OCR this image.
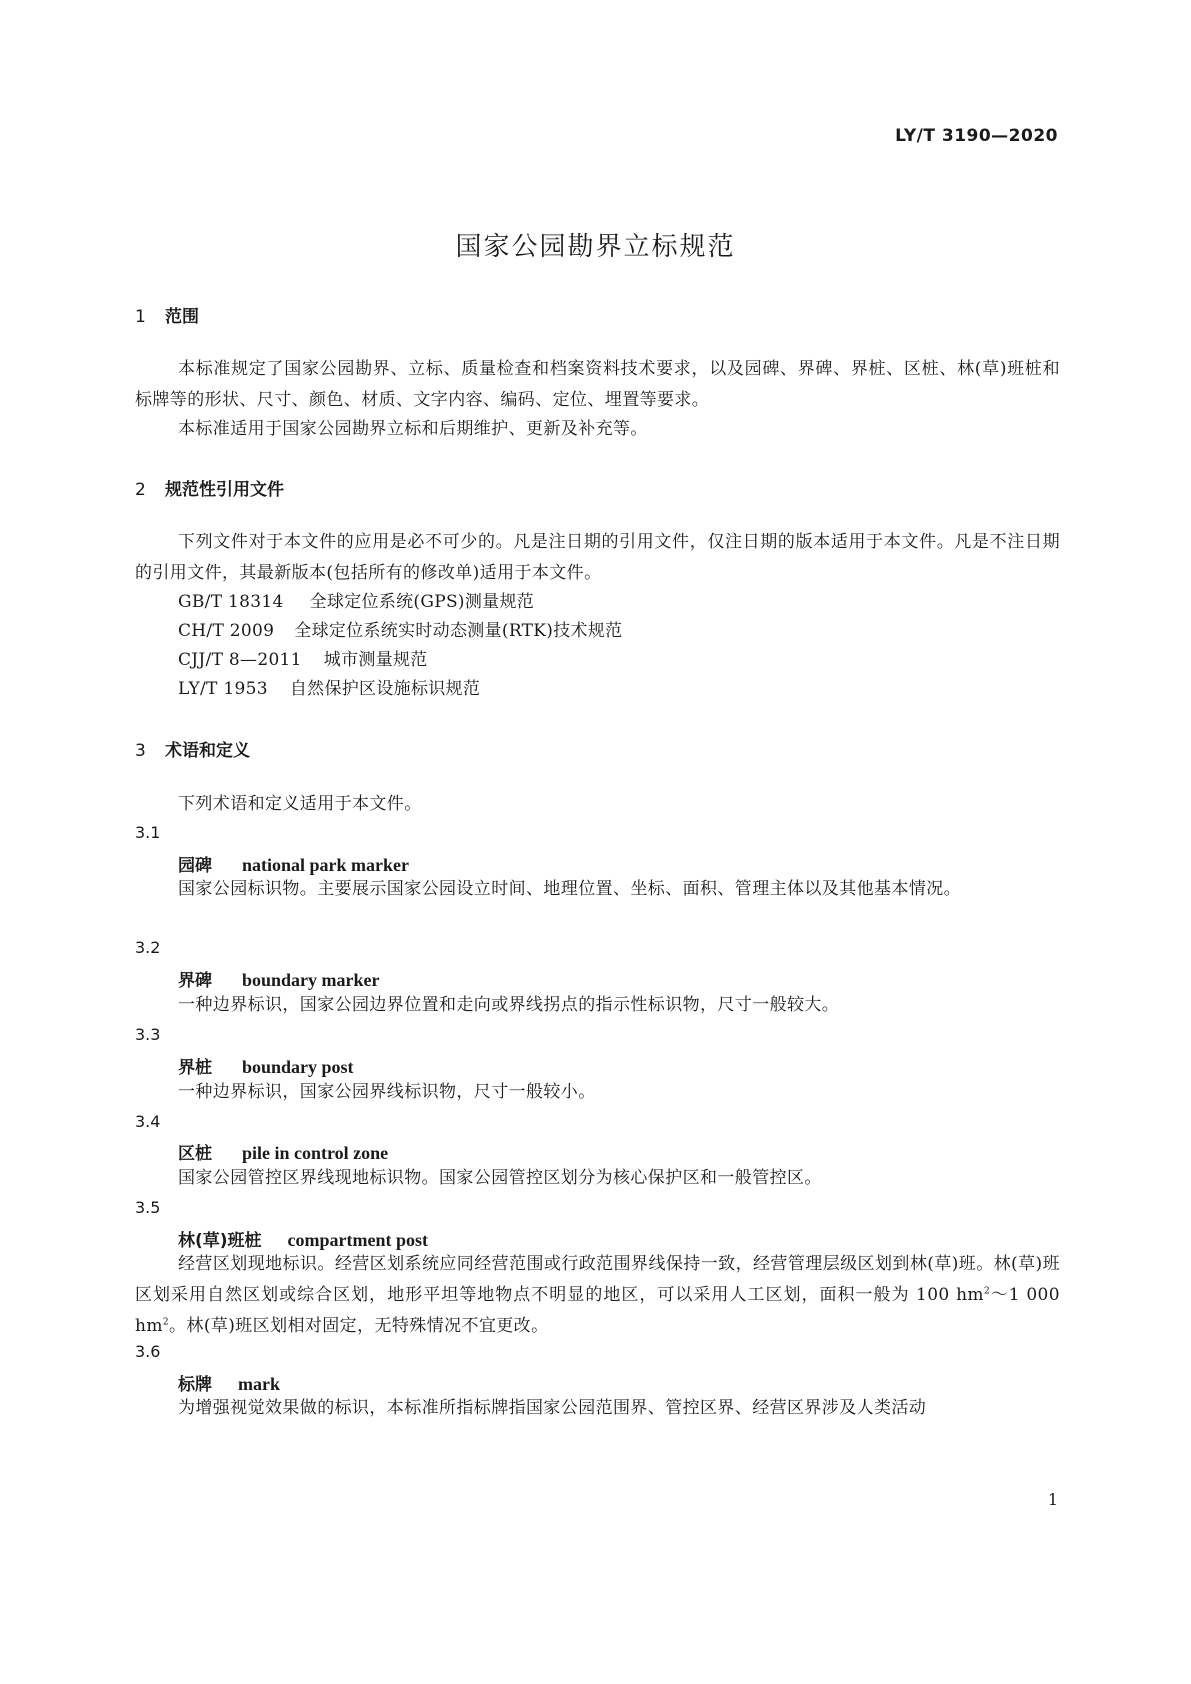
LY/T 3190—2020
国家公园勘界立标规范
1 范围
本标准规定了国家公园勘界、立标、质量检查和档案资料技术要求，以及园碑、界碑、界桩、区桩、林(草)班桩和标牌等的形状、尺寸、颜色、材质、文字内容、编码、定位、埋置等要求。
本标准适用于国家公园勘界立标和后期维护、更新及补充等。
2 规范性引用文件
下列文件对于本文件的应用是必不可少的。凡是注日期的引用文件，仅注日期的版本适用于本文件。凡是不注日期的引用文件，其最新版本(包括所有的修改单)适用于本文件。
GB/T 18314 全球定位系统(GPS)测量规范
CH/T 2009 全球定位系统实时动态测量(RTK)技术规范
CJJ/T 8—2011 城市测量规范
LY/T 1953 自然保护区设施标识规范
3 术语和定义
下列术语和定义适用于本文件。
3.1
园碑 national park marker
国家公园标识物。主要展示国家公园设立时间、地理位置、坐标、面积、管理主体以及其他基本情况。
3.2
界碑 boundary marker
一种边界标识，国家公园边界位置和走向或界线拐点的指示性标识物，尺寸一般较大。
3.3
界桩 boundary post
一种边界标识，国家公园界线标识物，尺寸一般较小。
3.4
区桩 pile in control zone
国家公园管控区界线现地标识物。国家公园管控区划分为核心保护区和一般管控区。
3.5
林(草)班桩 compartment post
经营区划现地标识。经营区划系统应同经营范围或行政范围界线保持一致，经营管理层级区划到林(草)班。林(草)班区划采用自然区划或综合区划，地形平坦等地物点不明显的地区，可以采用人工区划，面积一般为 100 $hm^2\sim 1$ 000 $hm^2$。林(草)班区划相对固定，无特殊情况不宜更改。
3.6
标牌 mark
为增强视觉效果做的标识，本标准所指标牌指国家公园范围界、管控区界、经营区界涉及人类活动
1
